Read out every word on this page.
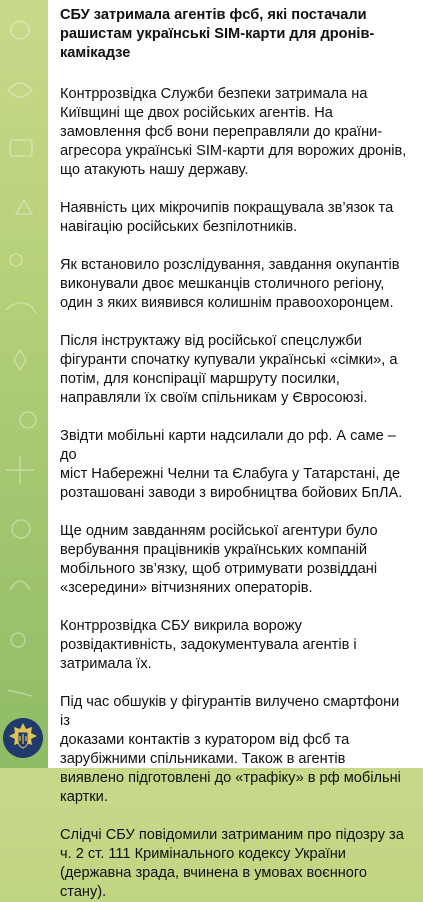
СБУ затримала агентів фсб, які постачали
рашистам українські SIM-карти для дронів-
камікадзе
Контррозвідка Служби безпеки затримала на
Київщині ще двох російських агентів. На
замовлення фсб вони переправляли до країни-
агресора українські SIM-карти для ворожих дронів,
що атакують нашу державу.
Наявність цих мікрочипів покращувала зв’язок та
навігацію російських безпілотників.
Як встановило розслідування, завдання окупантів
виконували двоє мешканців столичного регіону,
один з яких виявився колишнім правоохоронцем.
Після інструктажу від російської спецслужби
фігуранти спочатку купували українські «сімки», а
потім, для конспірації маршруту посилки,
направляли їх своїм спільникам у Євросоюзі.
Звідти мобільні карти надсилали до рф. А саме – до
міст Набережні Челни та Єлабуга у Татарстані, де
розташовані заводи з виробництва бойових БпЛА.
Ще одним завданням російської агентури було
вербування працівників українських компаній
мобільного зв’язку, щоб отримувати розвіддані
«зсередини» вітчизняних операторів.
Контррозвідка СБУ викрила ворожу
розвідактивність, задокументувала агентів і
затримала їх.
Під час обшуків у фігурантів вилучено смартфони із
доказами контактів з куратором від фсб та
зарубіжними спільниками. Також в агентів
виявлено підготовлені до «трафіку» в рф мобільні
картки.
Слідчі СБУ повідомили затриманим про підозру за
ч. 2 ст. 111 Кримінального кодексу України
(державна зрада, вчинена в умовах воєнного
стану).
